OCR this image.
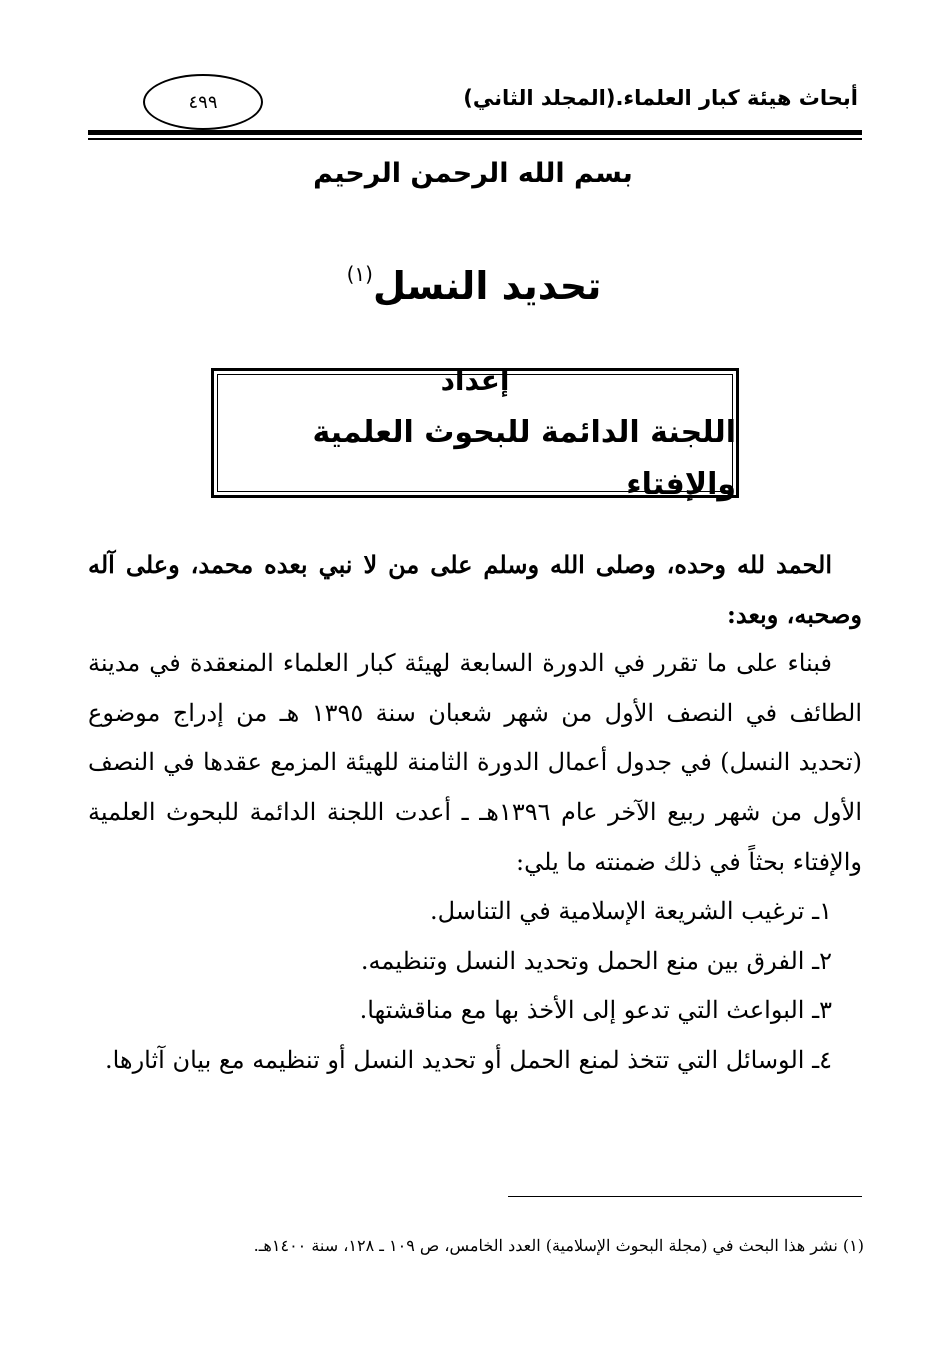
أبحاث هيئة كبار العلماء.(المجلد الثاني)
٤٩٩
بسم الله الرحمن الرحيم
تحديد النسل$^{(١)}$
إعداد
اللجنة الدائمة للبحوث العلمية والإفتاء

الحمد لله وحده، وصلى الله وسلم على من لا نبي بعده محمد، وعلى آله وصحبه، وبعد:

فبناء على ما تقرر في الدورة السابعة لهيئة كبار العلماء المنعقدة في مدينة الطائف في النصف الأول من شهر شعبان سنة ١٣٩٥ هـ من إدراج موضوع (تحديد النسل) في جدول أعمال الدورة الثامنة للهيئة المزمع عقدها في النصف الأول من شهر ربيع الآخر عام ١٣٩٦هـ ـ أعدت اللجنة الدائمة للبحوث العلمية والإفتاء بحثاً في ذلك ضمنته ما يلي:

١ـ ترغيب الشريعة الإسلامية في التناسل.

٢ـ الفرق بين منع الحمل وتحديد النسل وتنظيمه.

٣ـ البواعث التي تدعو إلى الأخذ بها مع مناقشتها.

٤ـ الوسائل التي تتخذ لمنع الحمل أو تحديد النسل أو تنظيمه مع بيان آثارها.

(١) نشر هذا البحث في (مجلة البحوث الإسلامية) العدد الخامس، ص ١٠٩ ـ ١٢٨، سنة ١٤٠٠هـ.
